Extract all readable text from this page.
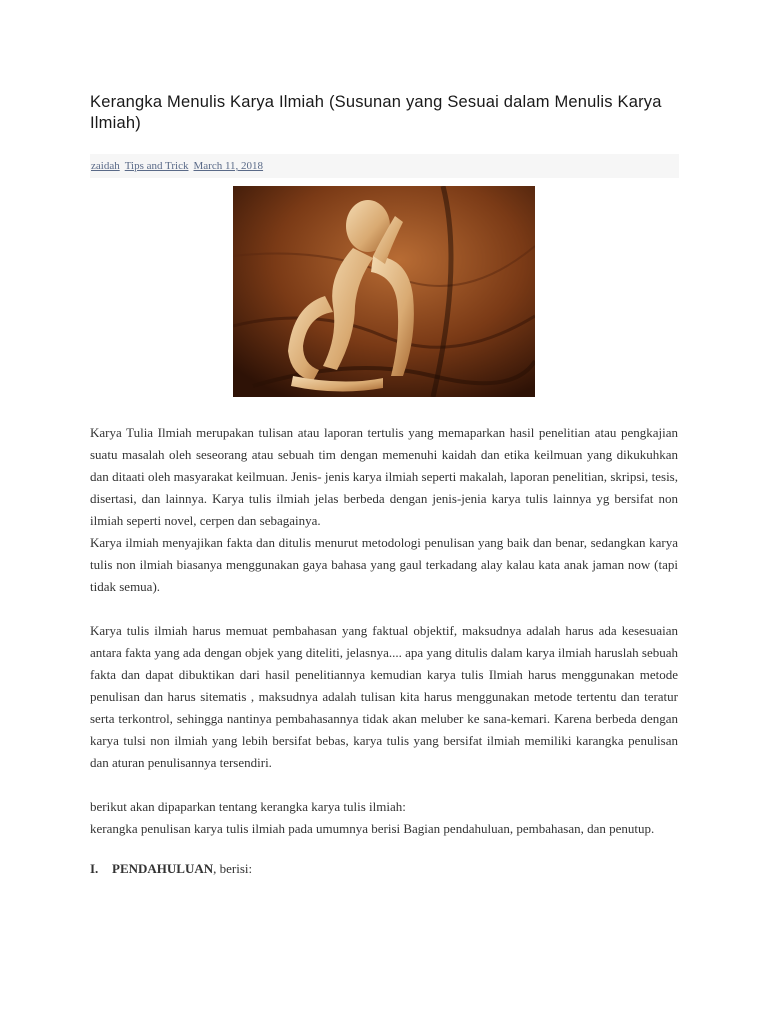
Kerangka Menulis Karya Ilmiah (Susunan yang Sesuai dalam Menulis Karya Ilmiah)
zaidah Tips and Trick March 11, 2018

Karya Tulia Ilmiah merupakan tulisan atau laporan tertulis yang memaparkan hasil penelitian atau pengkajian suatu masalah oleh seseorang atau sebuah tim dengan memenuhi kaidah dan etika keilmuan yang dikukuhkan dan ditaati oleh masyarakat keilmuan. Jenis- jenis karya ilmiah seperti makalah, laporan penelitian, skripsi, tesis, disertasi, dan lainnya. Karya tulis ilmiah jelas berbeda dengan jenis-jenia karya tulis lainnya yg bersifat non ilmiah seperti novel, cerpen dan sebagainya.

Karya ilmiah menyajikan fakta dan ditulis menurut metodologi penulisan yang baik dan benar, sedangkan karya tulis non ilmiah biasanya menggunakan gaya bahasa yang gaul terkadang alay kalau kata anak jaman now (tapi tidak semua).

Karya tulis ilmiah harus memuat pembahasan yang faktual objektif, maksudnya adalah harus ada kesesuaian antara fakta yang ada dengan objek yang diteliti, jelasnya.... apa yang ditulis dalam karya ilmiah haruslah sebuah fakta dan dapat dibuktikan dari hasil penelitiannya kemudian karya tulis Ilmiah harus menggunakan metode penulisan dan harus sitematis , maksudnya adalah tulisan kita harus menggunakan metode tertentu dan teratur serta terkontrol, sehingga nantinya pembahasannya tidak akan meluber ke sana-kemari. Karena berbeda dengan karya tulsi non ilmiah yang lebih bersifat bebas, karya tulis yang bersifat ilmiah memiliki karangka penulisan dan aturan penulisannya tersendiri.

berikut akan dipaparkan tentang kerangka karya tulis ilmiah:

kerangka penulisan karya tulis ilmiah pada umumnya berisi Bagian pendahuluan, pembahasan, dan penutup.

I.	PENDAHULUAN , berisi:
